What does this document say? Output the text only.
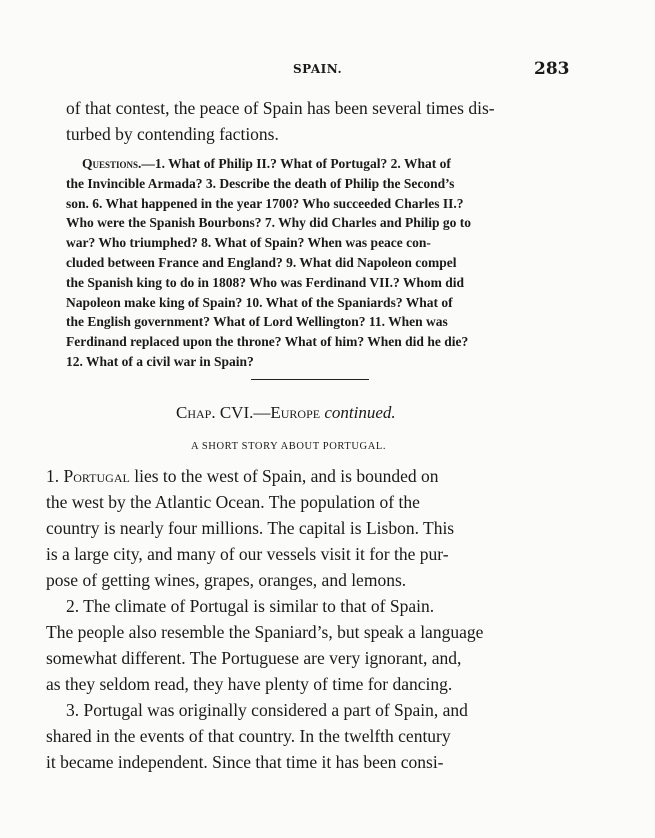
SPAIN.	283
of that contest, the peace of Spain has been several times dis-
turbed by contending factions.
Questions.—1. What of Philip II.? What of Portugal? 2. What of
the Invincible Armada? 3. Describe the death of Philip the Second’s
son. 6. What happened in the year 1700? Who succeeded Charles II.?
Who were the Spanish Bourbons? 7. Why did Charles and Philip go to
war? Who triumphed? 8. What of Spain? When was peace con-
cluded between France and England? 9. What did Napoleon compel
the Spanish king to do in 1808? Who was Ferdinand VII.? Whom did
Napoleon make king of Spain? 10. What of the Spaniards? What of
the English government? What of Lord Wellington? 11. When was
Ferdinand replaced upon the throne? What of him? When did he die?
12. What of a civil war in Spain?
Chap. CVI.—Europe continued.
A SHORT STORY ABOUT PORTUGAL.
1. Portugal lies to the west of Spain, and is bounded on
the west by the Atlantic Ocean. The population of the
country is nearly four millions. The capital is Lisbon. This
is a large city, and many of our vessels visit it for the pur-
pose of getting wines, grapes, oranges, and lemons.
2. The climate of Portugal is similar to that of Spain.
The people also resemble the Spaniard’s, but speak a language
somewhat different. The Portuguese are very ignorant, and,
as they seldom read, they have plenty of time for dancing.
3. Portugal was originally considered a part of Spain, and
shared in the events of that country. In the twelfth century
it became independent. Since that time it has been consi-
